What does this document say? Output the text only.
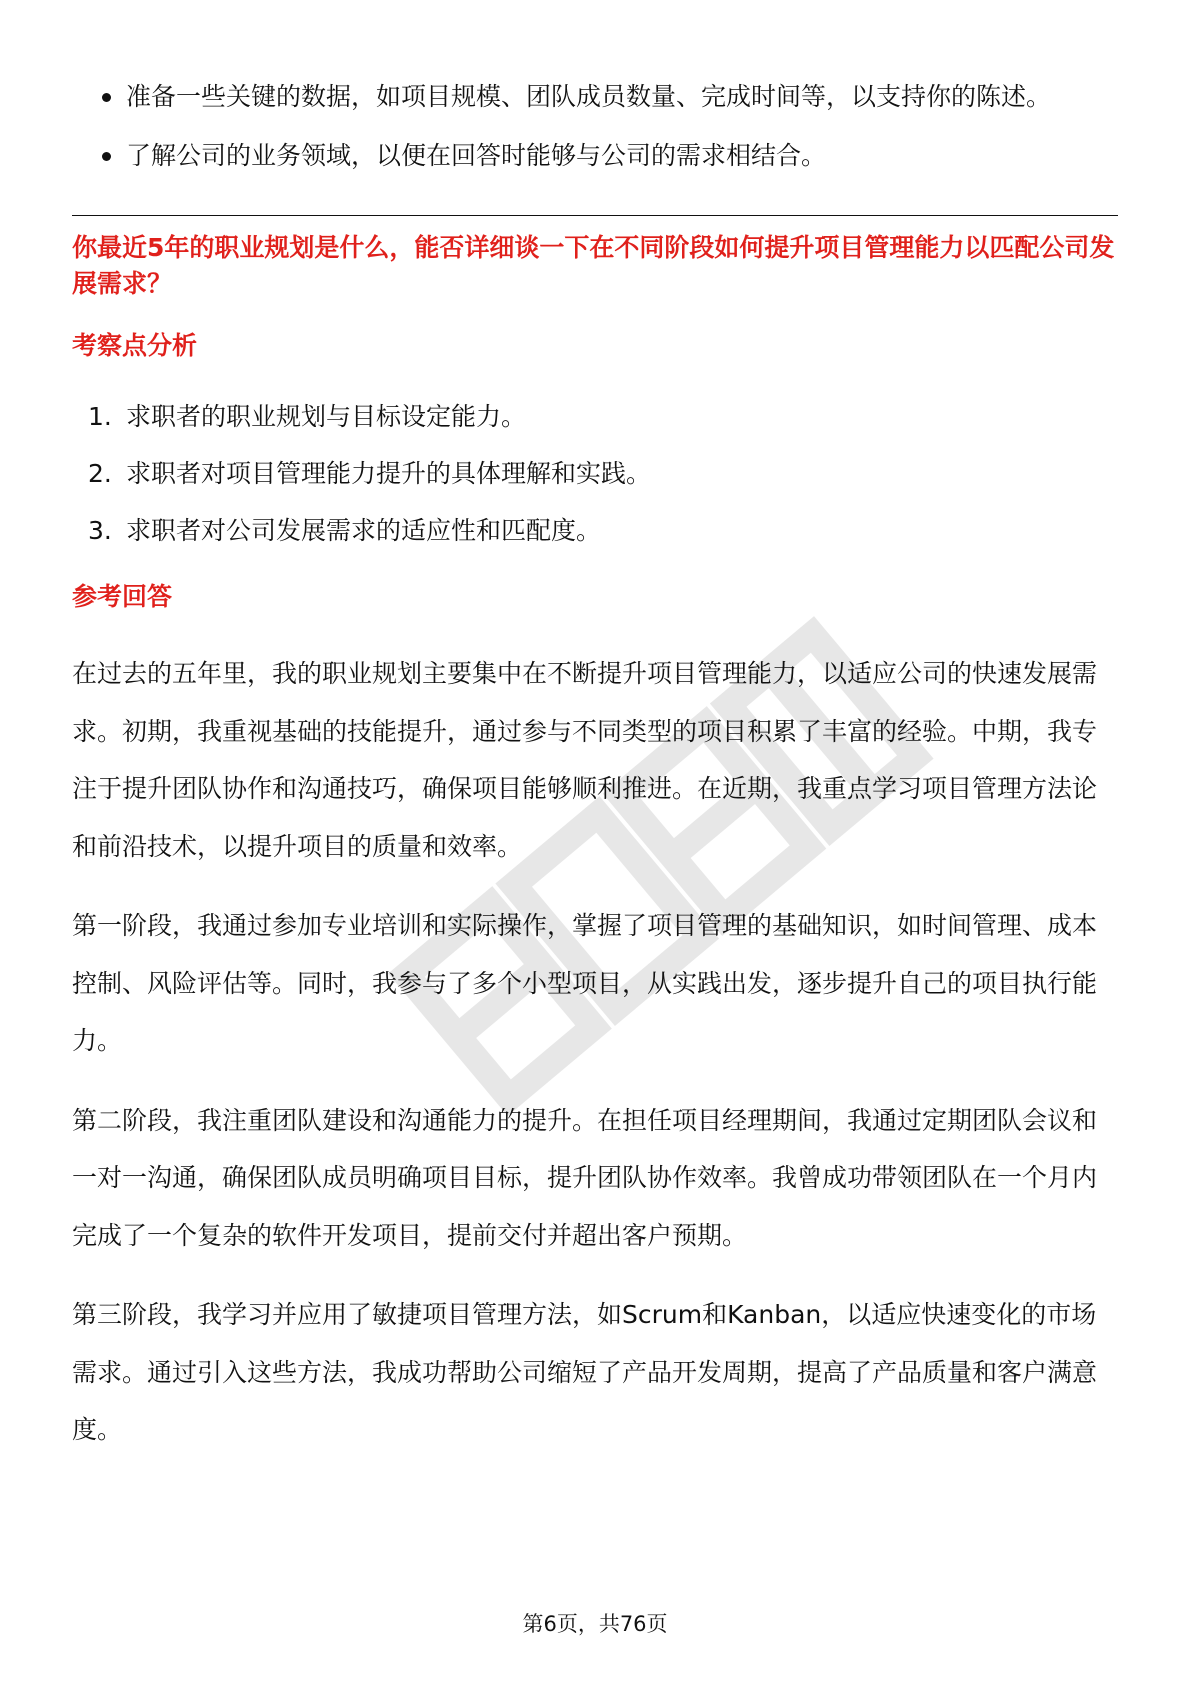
准备一些关键的数据，如项目规模、团队成员数量、完成时间等，以支持你的陈述。
了解公司的业务领域，以便在回答时能够与公司的需求相结合。
你最近5年的职业规划是什么，能否详细谈一下在不同阶段如何提升项目管理能力以匹配公司发展需求？
考察点分析
1. 求职者的职业规划与目标设定能力。
2. 求职者对项目管理能力提升的具体理解和实践。
3. 求职者对公司发展需求的适应性和匹配度。
参考回答

在过去的五年里，我的职业规划主要集中在不断提升项目管理能力，以适应公司的快速发展需求。初期，我重视基础的技能提升，通过参与不同类型的项目积累了丰富的经验。中期，我专注于提升团队协作和沟通技巧，确保项目能够顺利推进。在近期，我重点学习项目管理方法论和前沿技术，以提升项目的质量和效率。

第一阶段，我通过参加专业培训和实际操作，掌握了项目管理的基础知识，如时间管理、成本控制、风险评估等。同时，我参与了多个小型项目，从实践出发，逐步提升自己的项目执行能力。

第二阶段，我注重团队建设和沟通能力的提升。在担任项目经理期间，我通过定期团队会议和一对一沟通，确保团队成员明确项目目标，提升团队协作效率。我曾成功带领团队在一个月内完成了一个复杂的软件开发项目，提前交付并超出客户预期。

第三阶段，我学习并应用了敏捷项目管理方法，如Scrum和Kanban，以适应快速变化的市场需求。通过引入这些方法，我成功帮助公司缩短了产品开发周期，提高了产品质量和客户满意度。

第6页，共76页
